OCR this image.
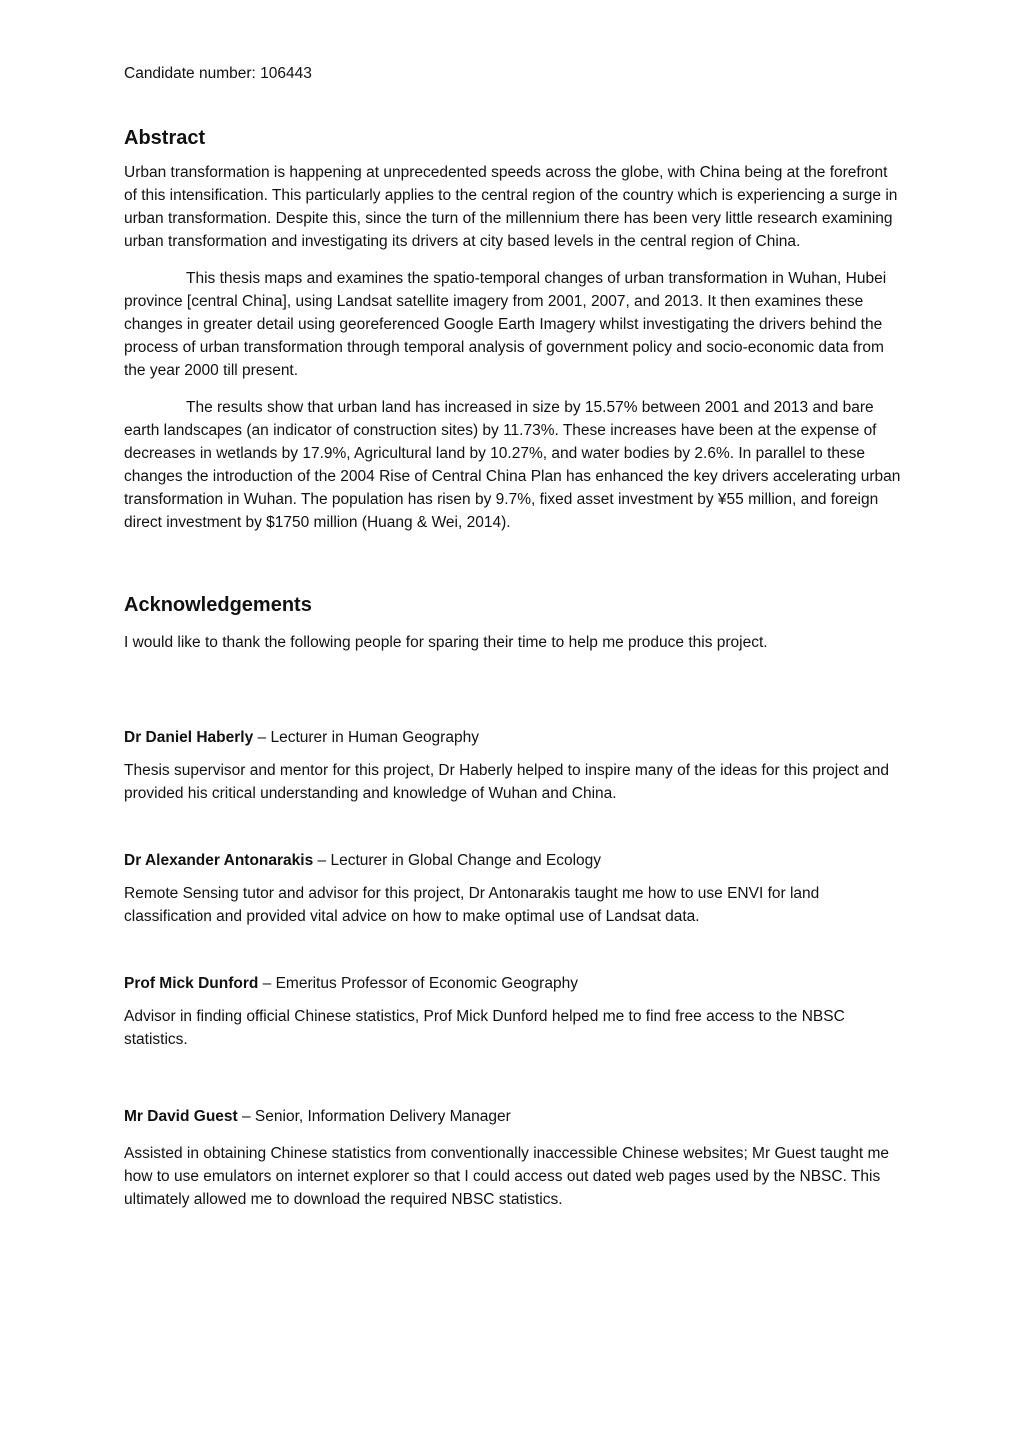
Candidate number: 106443

Abstract

Urban transformation is happening at unprecedented speeds across the globe, with China being at the forefront of this intensification. This particularly applies to the central region of the country which is experiencing a surge in urban transformation. Despite this, since the turn of the millennium there has been very little research examining urban transformation and investigating its drivers at city based levels in the central region of China.

This thesis maps and examines the spatio-temporal changes of urban transformation in Wuhan, Hubei province [central China], using Landsat satellite imagery from 2001, 2007, and 2013. It then examines these changes in greater detail using georeferenced Google Earth Imagery whilst investigating the drivers behind the process of urban transformation through temporal analysis of government policy and socio-economic data from the year 2000 till present.

The results show that urban land has increased in size by 15.57% between 2001 and 2013 and bare earth landscapes (an indicator of construction sites) by 11.73%. These increases have been at the expense of decreases in wetlands by 17.9%, Agricultural land by 10.27%, and water bodies by 2.6%. In parallel to these changes the introduction of the 2004 Rise of Central China Plan has enhanced the key drivers accelerating urban transformation in Wuhan. The population has risen by 9.7%, fixed asset investment by ¥55 million, and foreign direct investment by $1750 million (Huang & Wei, 2014).

Acknowledgements

I would like to thank the following people for sparing their time to help me produce this project.

Dr Daniel Haberly – Lecturer in Human Geography

Thesis supervisor and mentor for this project, Dr Haberly helped to inspire many of the ideas for this project and provided his critical understanding and knowledge of Wuhan and China.

Dr Alexander Antonarakis – Lecturer in Global Change and Ecology

Remote Sensing tutor and advisor for this project, Dr Antonarakis taught me how to use ENVI for land classification and provided vital advice on how to make optimal use of Landsat data.

Prof Mick Dunford – Emeritus Professor of Economic Geography

Advisor in finding official Chinese statistics, Prof Mick Dunford helped me to find free access to the NBSC statistics.

Mr David Guest – Senior, Information Delivery Manager

Assisted in obtaining Chinese statistics from conventionally inaccessible Chinese websites; Mr Guest taught me how to use emulators on internet explorer so that I could access out dated web pages used by the NBSC. This ultimately allowed me to download the required NBSC statistics.
